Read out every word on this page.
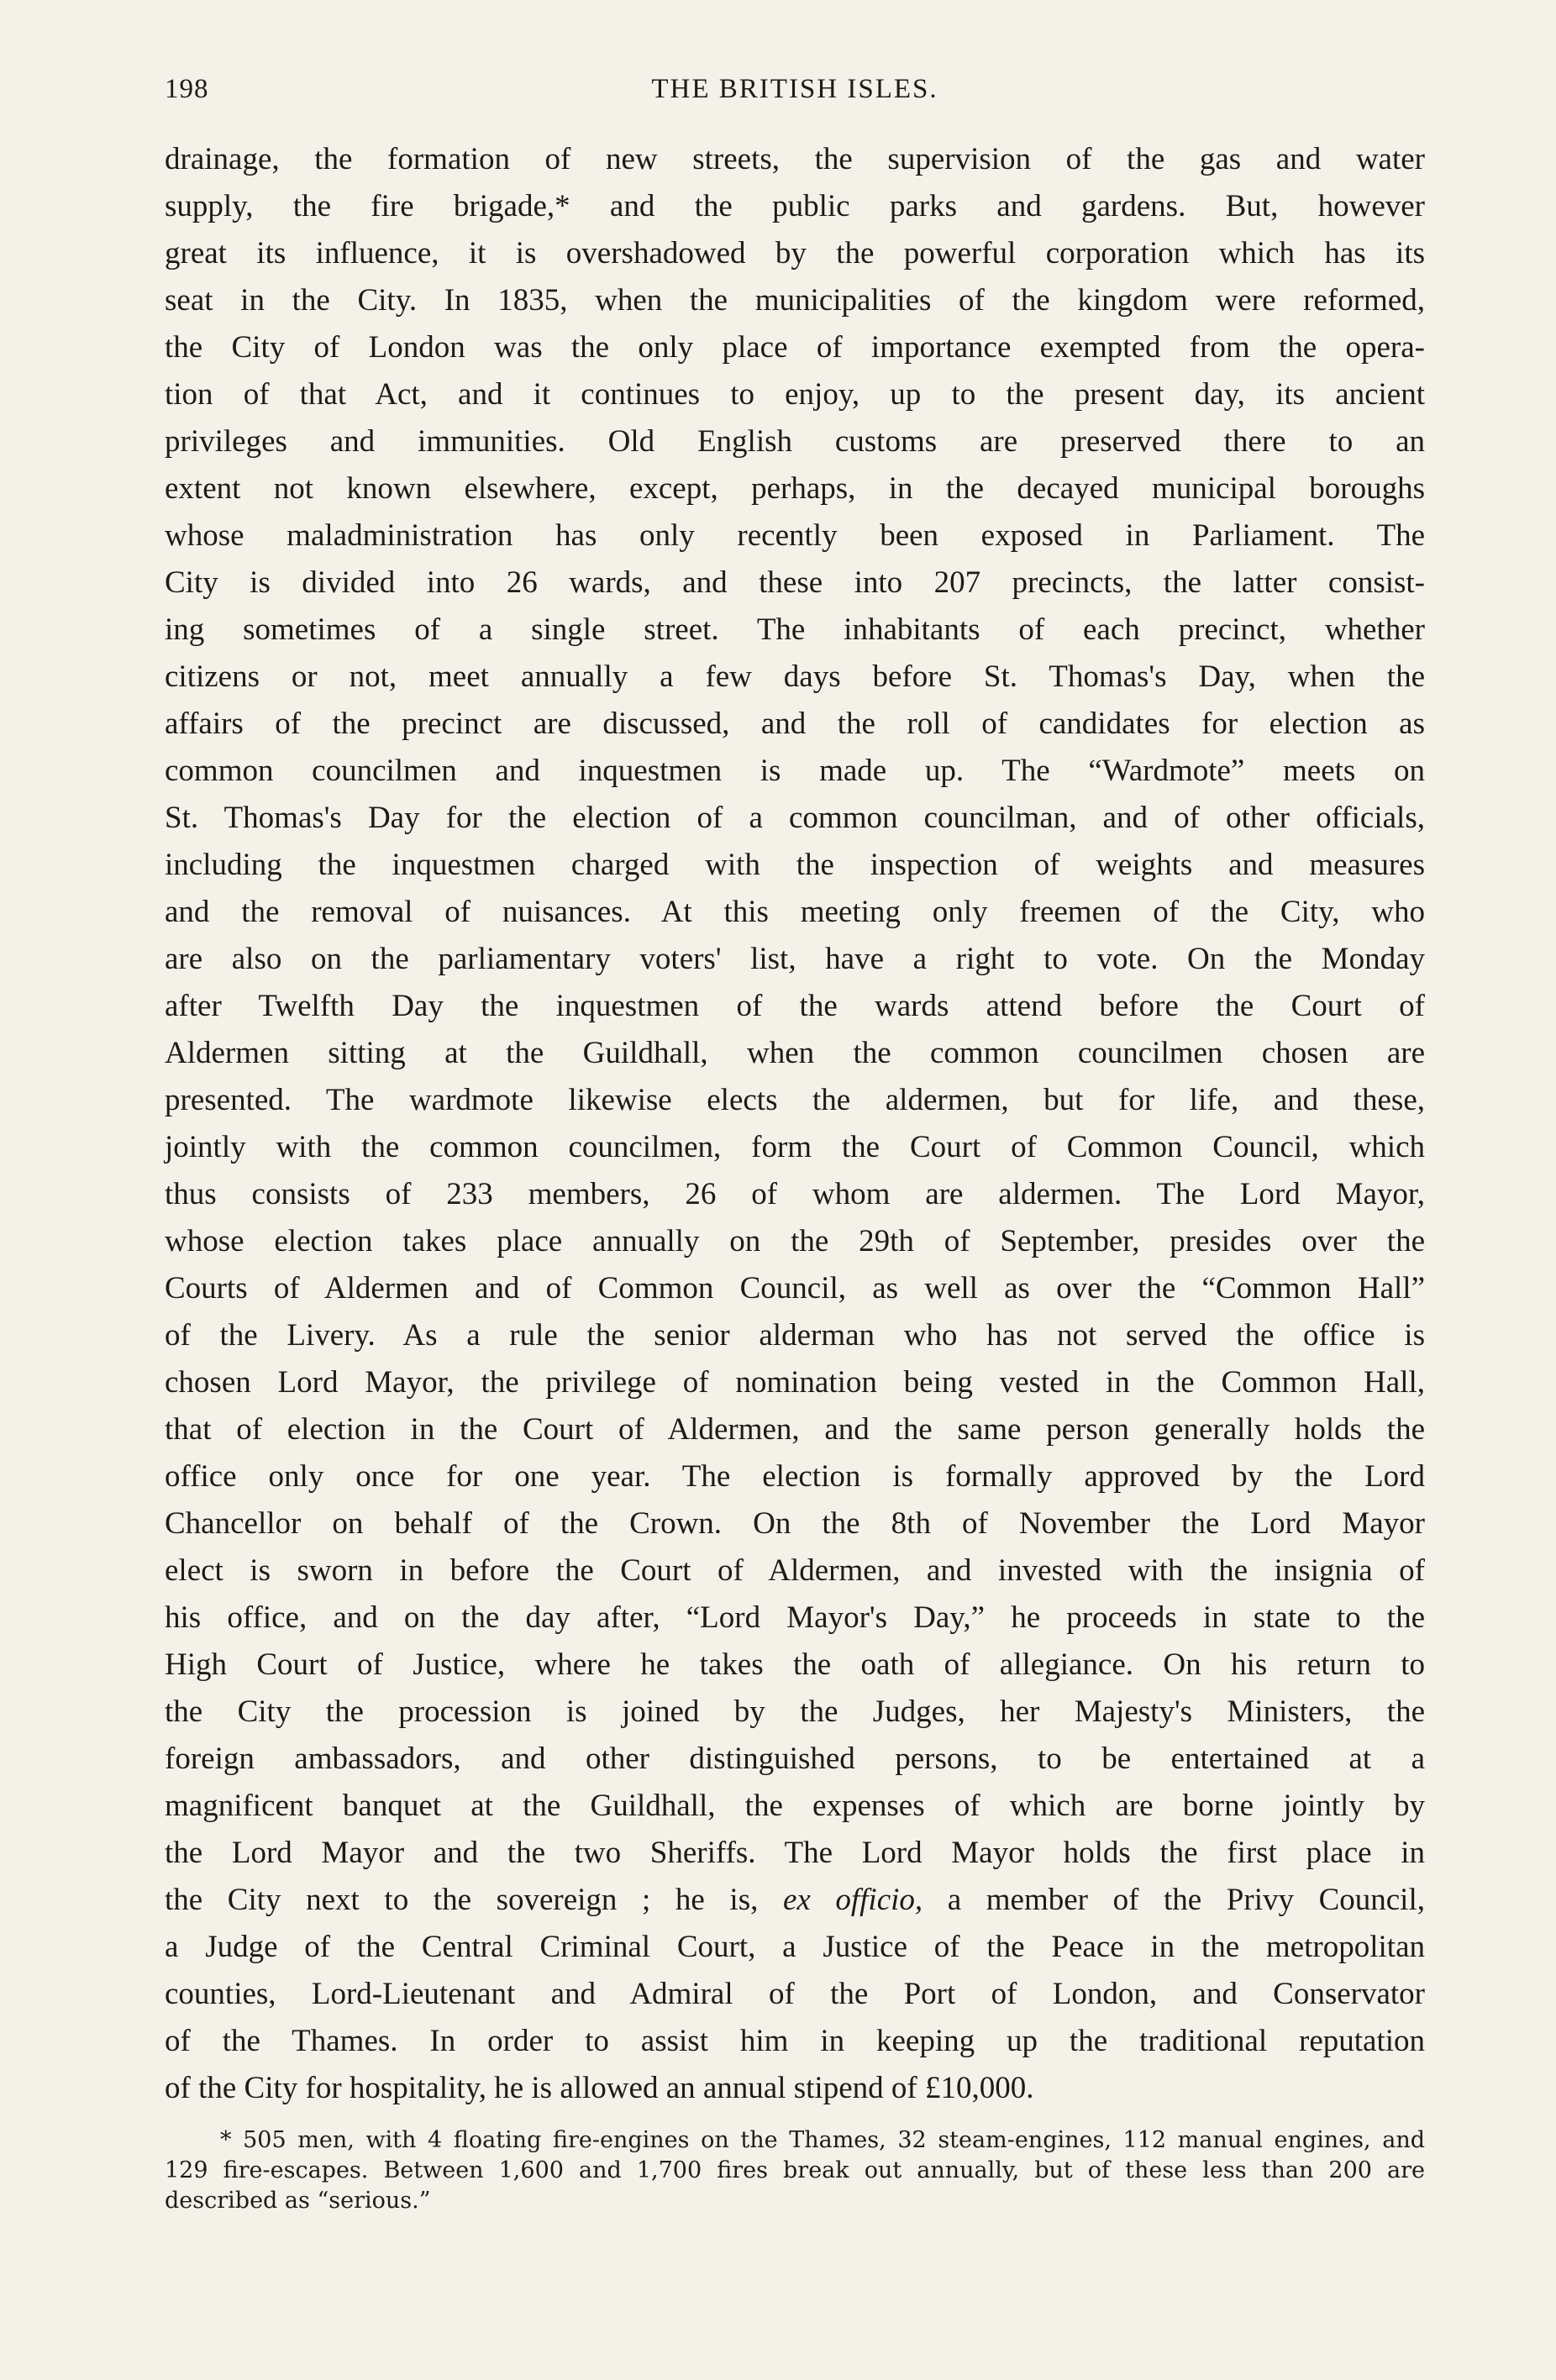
198	THE BRITISH ISLES.
drainage, the formation of new streets, the supervision of the gas and water
supply, the fire brigade,* and the public parks and gardens. But, however
great its influence, it is overshadowed by the powerful corporation which has its
seat in the City. In 1835, when the municipalities of the kingdom were reformed,
the City of London was the only place of importance exempted from the opera-
tion of that Act, and it continues to enjoy, up to the present day, its ancient
privileges and immunities. Old English customs are preserved there to an
extent not known elsewhere, except, perhaps, in the decayed municipal boroughs
whose maladministration has only recently been exposed in Parliament. The
City is divided into 26 wards, and these into 207 precincts, the latter consist-
ing sometimes of a single street. The inhabitants of each precinct, whether
citizens or not, meet annually a few days before St. Thomas's Day, when the
affairs of the precinct are discussed, and the roll of candidates for election as
common councilmen and inquestmen is made up. The “Wardmote” meets on
St. Thomas's Day for the election of a common councilman, and of other officials,
including the inquestmen charged with the inspection of weights and measures
and the removal of nuisances. At this meeting only freemen of the City, who
are also on the parliamentary voters' list, have a right to vote. On the Monday
after Twelfth Day the inquestmen of the wards attend before the Court of
Aldermen sitting at the Guildhall, when the common councilmen chosen are
presented. The wardmote likewise elects the aldermen, but for life, and these,
jointly with the common councilmen, form the Court of Common Council, which
thus consists of 233 members, 26 of whom are aldermen. The Lord Mayor,
whose election takes place annually on the 29th of September, presides over the
Courts of Aldermen and of Common Council, as well as over the “Common Hall”
of the Livery. As a rule the senior alderman who has not served the office is
chosen Lord Mayor, the privilege of nomination being vested in the Common Hall,
that of election in the Court of Aldermen, and the same person generally holds the
office only once for one year. The election is formally approved by the Lord
Chancellor on behalf of the Crown. On the 8th of November the Lord Mayor
elect is sworn in before the Court of Aldermen, and invested with the insignia of
his office, and on the day after, “Lord Mayor's Day,” he proceeds in state to the
High Court of Justice, where he takes the oath of allegiance. On his return to
the City the procession is joined by the Judges, her Majesty's Ministers, the
foreign ambassadors, and other distinguished persons, to be entertained at a
magnificent banquet at the Guildhall, the expenses of which are borne jointly by
the Lord Mayor and the two Sheriffs. The Lord Mayor holds the first place in
the City next to the sovereign ; he is, ex officio, a member of the Privy Council,
a Judge of the Central Criminal Court, a Justice of the Peace in the metropolitan
counties, Lord-Lieutenant and Admiral of the Port of London, and Conservator
of the Thames. In order to assist him in keeping up the traditional reputation
of the City for hospitality, he is allowed an annual stipend of £10,000.
* 505 men, with 4 floating fire-engines on the Thames, 32 steam-engines, 112 manual engines, and
129 fire-escapes. Between 1,600 and 1,700 fires break out annually, but of these less than 200 are
described as “serious.”
